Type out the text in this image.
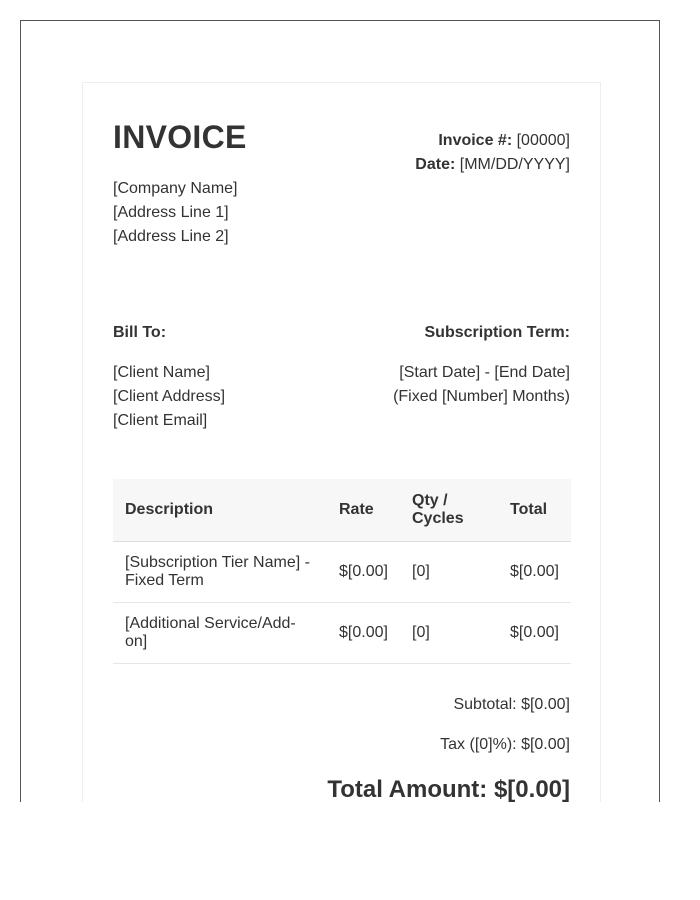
INVOICE
[Company Name]
[Address Line 1]
[Address Line 2]
Invoice #: [00000]
Date: [MM/DD/YYYY]
Bill To:
[Client Name]
[Client Address]
[Client Email]
Subscription Term:
[Start Date] - [End Date]
(Fixed [Number] Months)
Description	Rate	Qty / Cycles	Total
[Subscription Tier Name] - Fixed Term	$[0.00]	[0]	$[0.00]
[Additional Service/Add-on]	$[0.00]	[0]	$[0.00]
Subtotal: $[0.00]
Tax ([0]%): $[0.00]
Total Amount: $[0.00]
